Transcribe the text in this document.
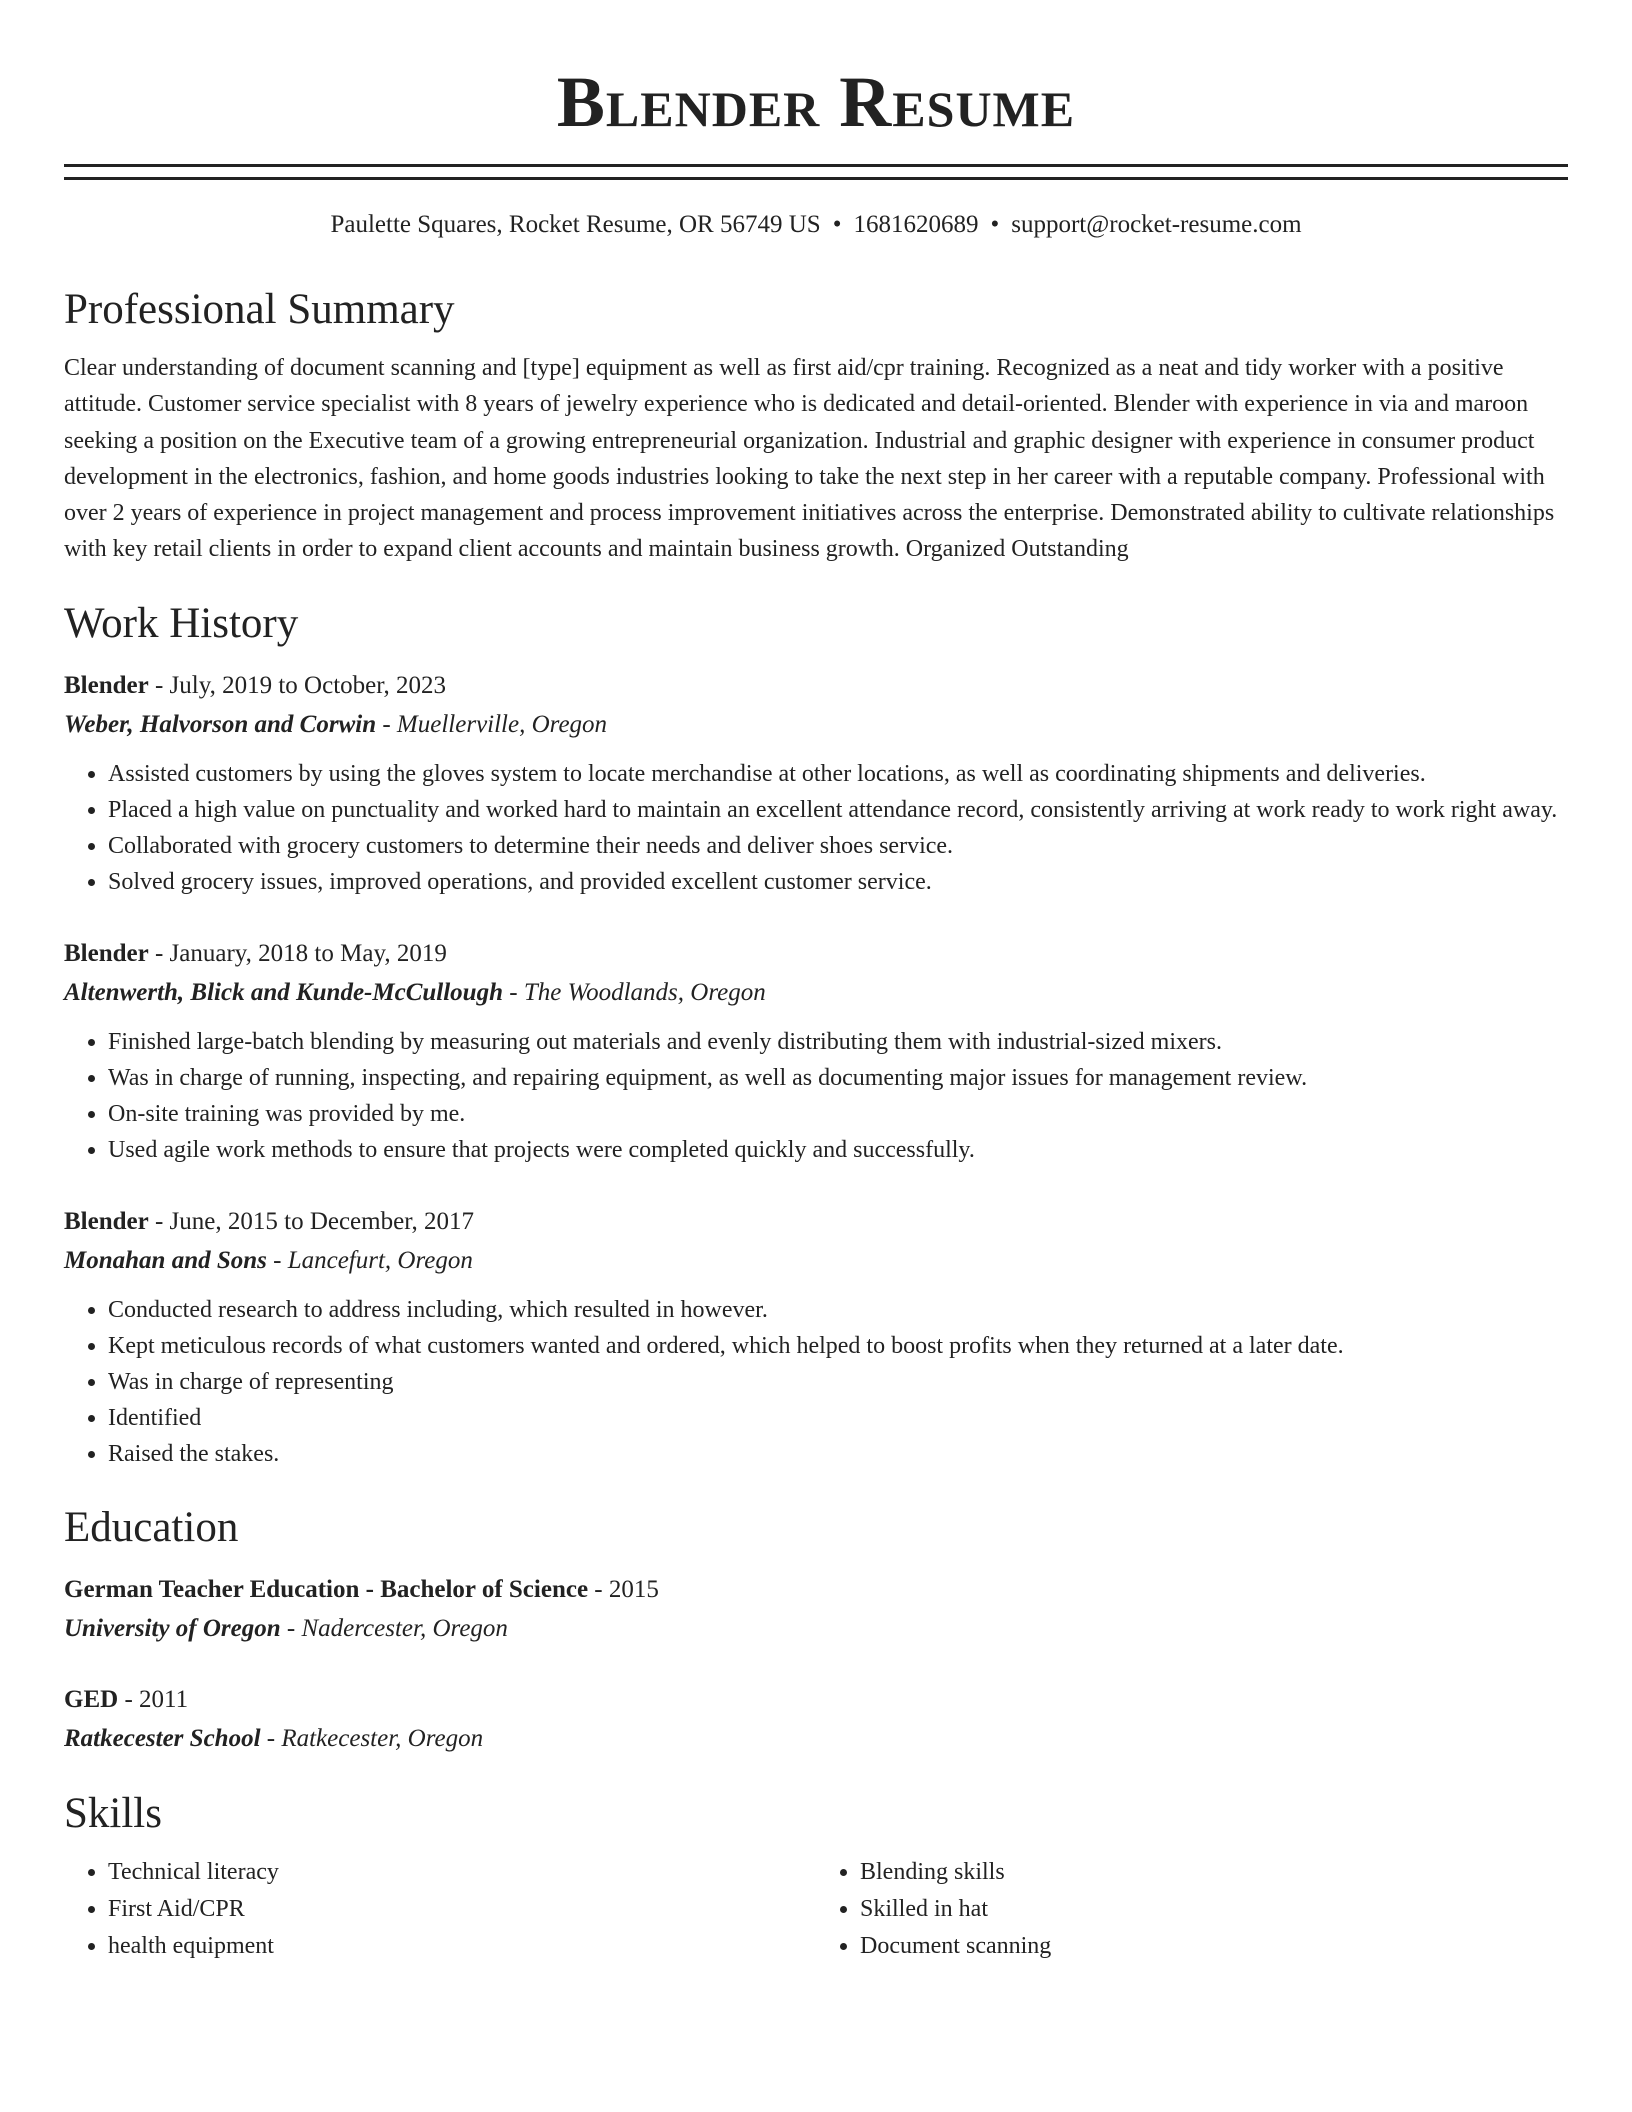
Blender Resume
Paulette Squares, Rocket Resume, OR 56749 US • 1681620689 • support@rocket-resume.com
Professional Summary

Clear understanding of document scanning and [type] equipment as well as first aid/cpr training. Recognized as a neat and tidy worker with a positive attitude. Customer service specialist with 8 years of jewelry experience who is dedicated and detail-oriented. Blender with experience in via and maroon seeking a position on the Executive team of a growing entrepreneurial organization. Industrial and graphic designer with experience in consumer product development in the electronics, fashion, and home goods industries looking to take the next step in her career with a reputable company. Professional with over 2 years of experience in project management and process improvement initiatives across the enterprise. Demonstrated ability to cultivate relationships with key retail clients in order to expand client accounts and maintain business growth. Organized Outstanding

Work History
Blender - July, 2019 to October, 2023
Weber, Halvorson and Corwin - Muellerville, Oregon
• Assisted customers by using the gloves system to locate merchandise at other locations, as well as coordinating shipments and deliveries.
• Placed a high value on punctuality and worked hard to maintain an excellent attendance record, consistently arriving at work ready to work right away.
• Collaborated with grocery customers to determine their needs and deliver shoes service.
• Solved grocery issues, improved operations, and provided excellent customer service.
Blender - January, 2018 to May, 2019
Altenwerth, Blick and Kunde-McCullough - The Woodlands, Oregon
• Finished large-batch blending by measuring out materials and evenly distributing them with industrial-sized mixers.
• Was in charge of running, inspecting, and repairing equipment, as well as documenting major issues for management review.
• On-site training was provided by me.
• Used agile work methods to ensure that projects were completed quickly and successfully.
Blender - June, 2015 to December, 2017
Monahan and Sons - Lancefurt, Oregon
• Conducted research to address including, which resulted in however.
• Kept meticulous records of what customers wanted and ordered, which helped to boost profits when they returned at a later date.
• Was in charge of representing
• Identified
• Raised the stakes.
Education
German Teacher Education - Bachelor of Science - 2015
University of Oregon - Nadercester, Oregon
GED - 2011
Ratkecester School - Ratkecester, Oregon
Skills
• Technical literacy
• First Aid/CPR
• health equipment
• Blending skills
• Skilled in hat
• Document scanning
